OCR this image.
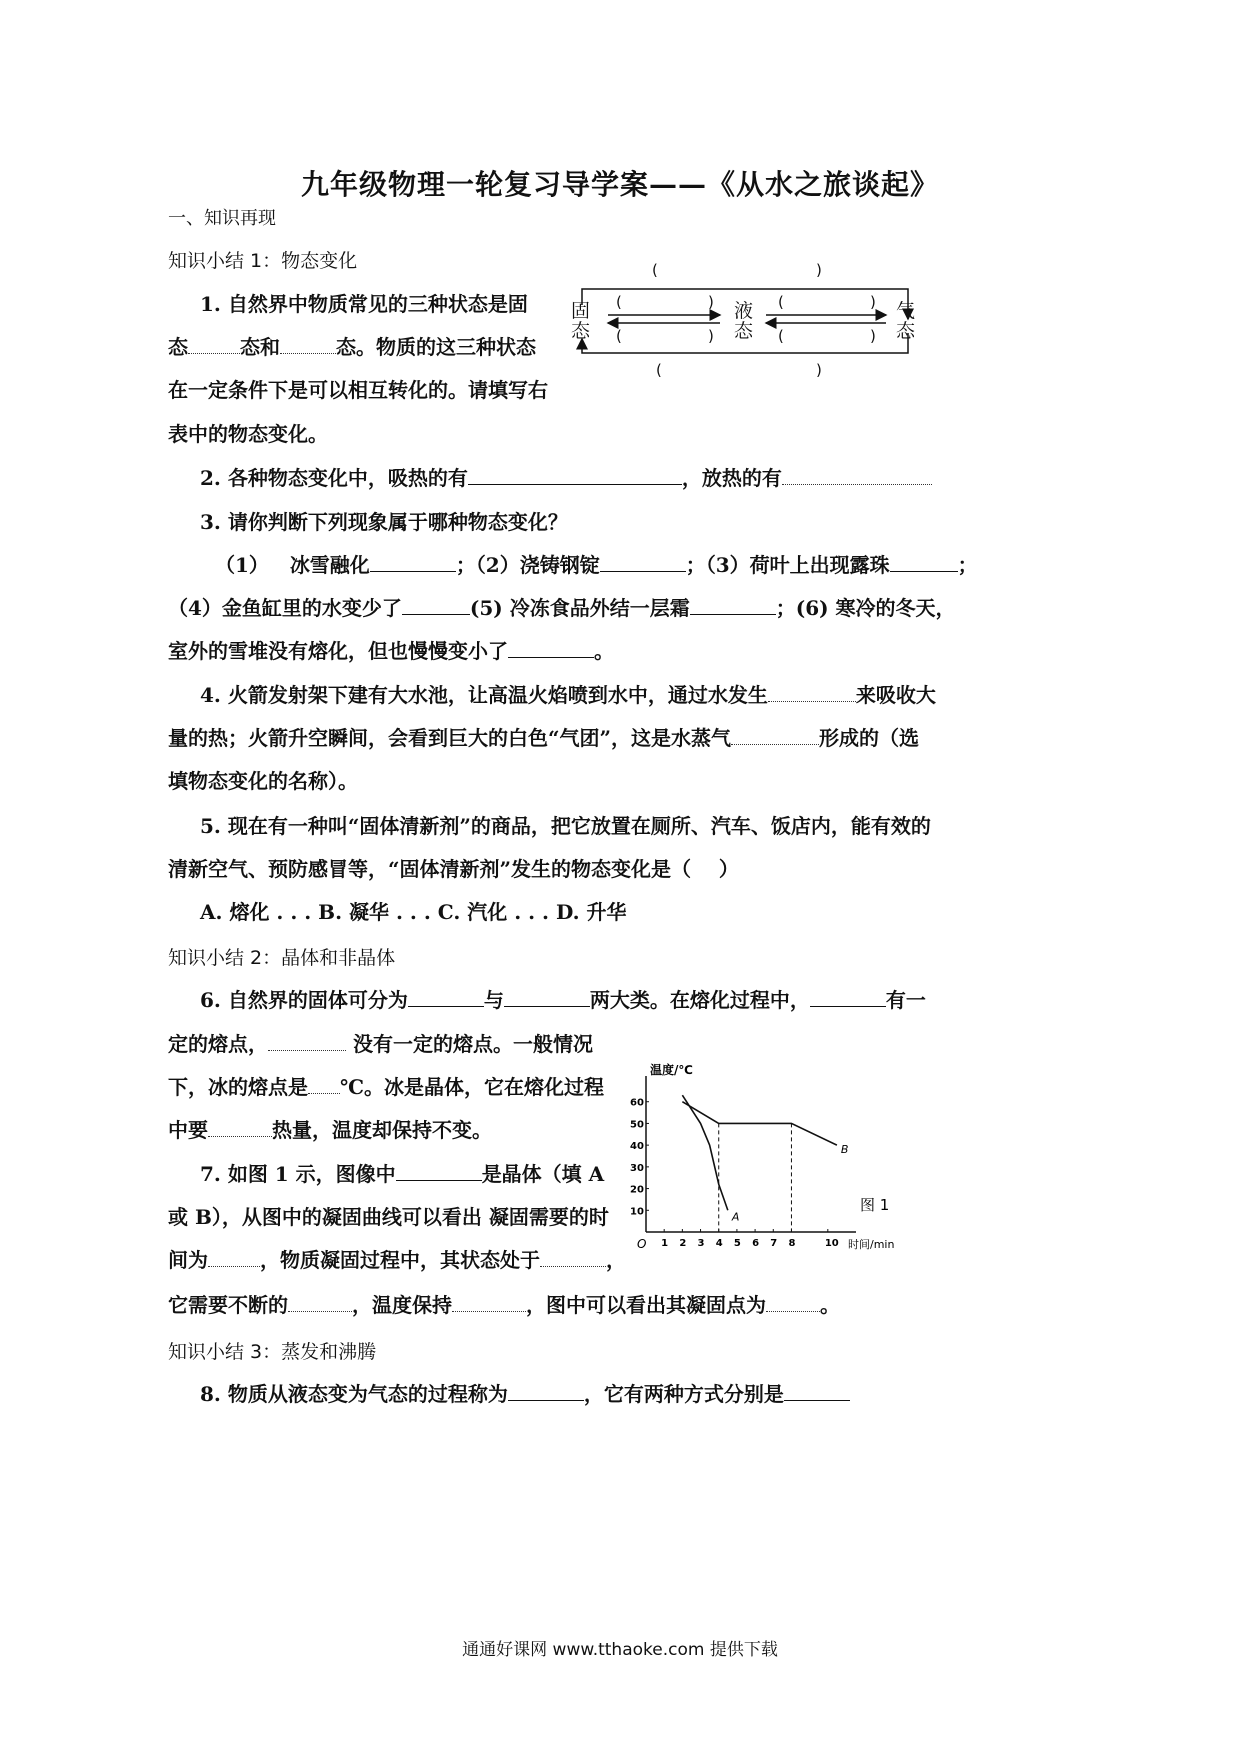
九年级物理一轮复习导学案——《从水之旅谈起》
一、知识再现
知识小结 1：物态变化
1. 自然界中物质常见的三种状态是固
态	态和	态。物质的这三种状态
在一定条件下是可以相互转化的。请填写右
表中的物态变化。
固
态
液
态
气
态
(	)
(	)
(	)
(	)
(	)
(	)
2. 各种物态变化中，吸热的有	，放热的有
3. 请你判断下列现象属于哪种物态变化？
（1） 冰雪融化	；（2）浇铸钢锭	；（3）荷叶上出现露珠	；
（4）金鱼缸里的水变少了	(5) 冷冻食品外结一层霜	；(6) 寒冷的冬天，
室外的雪堆没有熔化，但也慢慢变小了	。
4. 火箭发射架下建有大水池，让高温火焰喷到水中，通过水发生	来吸收大
量的热；火箭升空瞬间，会看到巨大的白色“气团”，这是水蒸气	形成的（选
填物态变化的名称）。
5. 现在有一种叫“固体清新剂”的商品，把它放置在厕所、汽车、饭店内，能有效的
清新空气、预防感冒等，“固体清新剂”发生的物态变化是（ ）
A. 熔化 . . . B. 凝华 . . . C. 汽化 . . . D. 升华
知识小结 2：晶体和非晶体
6. 自然界的固体可分为	与	两大类。在熔化过程中，	有一
定的熔点，	没有一定的熔点。一般情况
下，冰的熔点是 ℃。冰是晶体，它在熔化过程
中要	热量，温度却保持不变。
7. 如图 1 示，图像中	是晶体（填 A
或 B），从图中的凝固曲线可以看出 凝固需要的时
间为	，物质凝固过程中，其状态处于	，
它需要不断的	，温度保持	，图中可以看出其凝固点为	。
1 2 3 4 5 6 7 8	10
10
20
30
40
50
60
B
A
温度/℃
时间/min
图 1
O
知识小结 3：蒸发和沸腾
8. 物质从液态变为气态的过程称为	，它有两种方式分别是
通通好课网 www.tthaoke.com 提供下载
